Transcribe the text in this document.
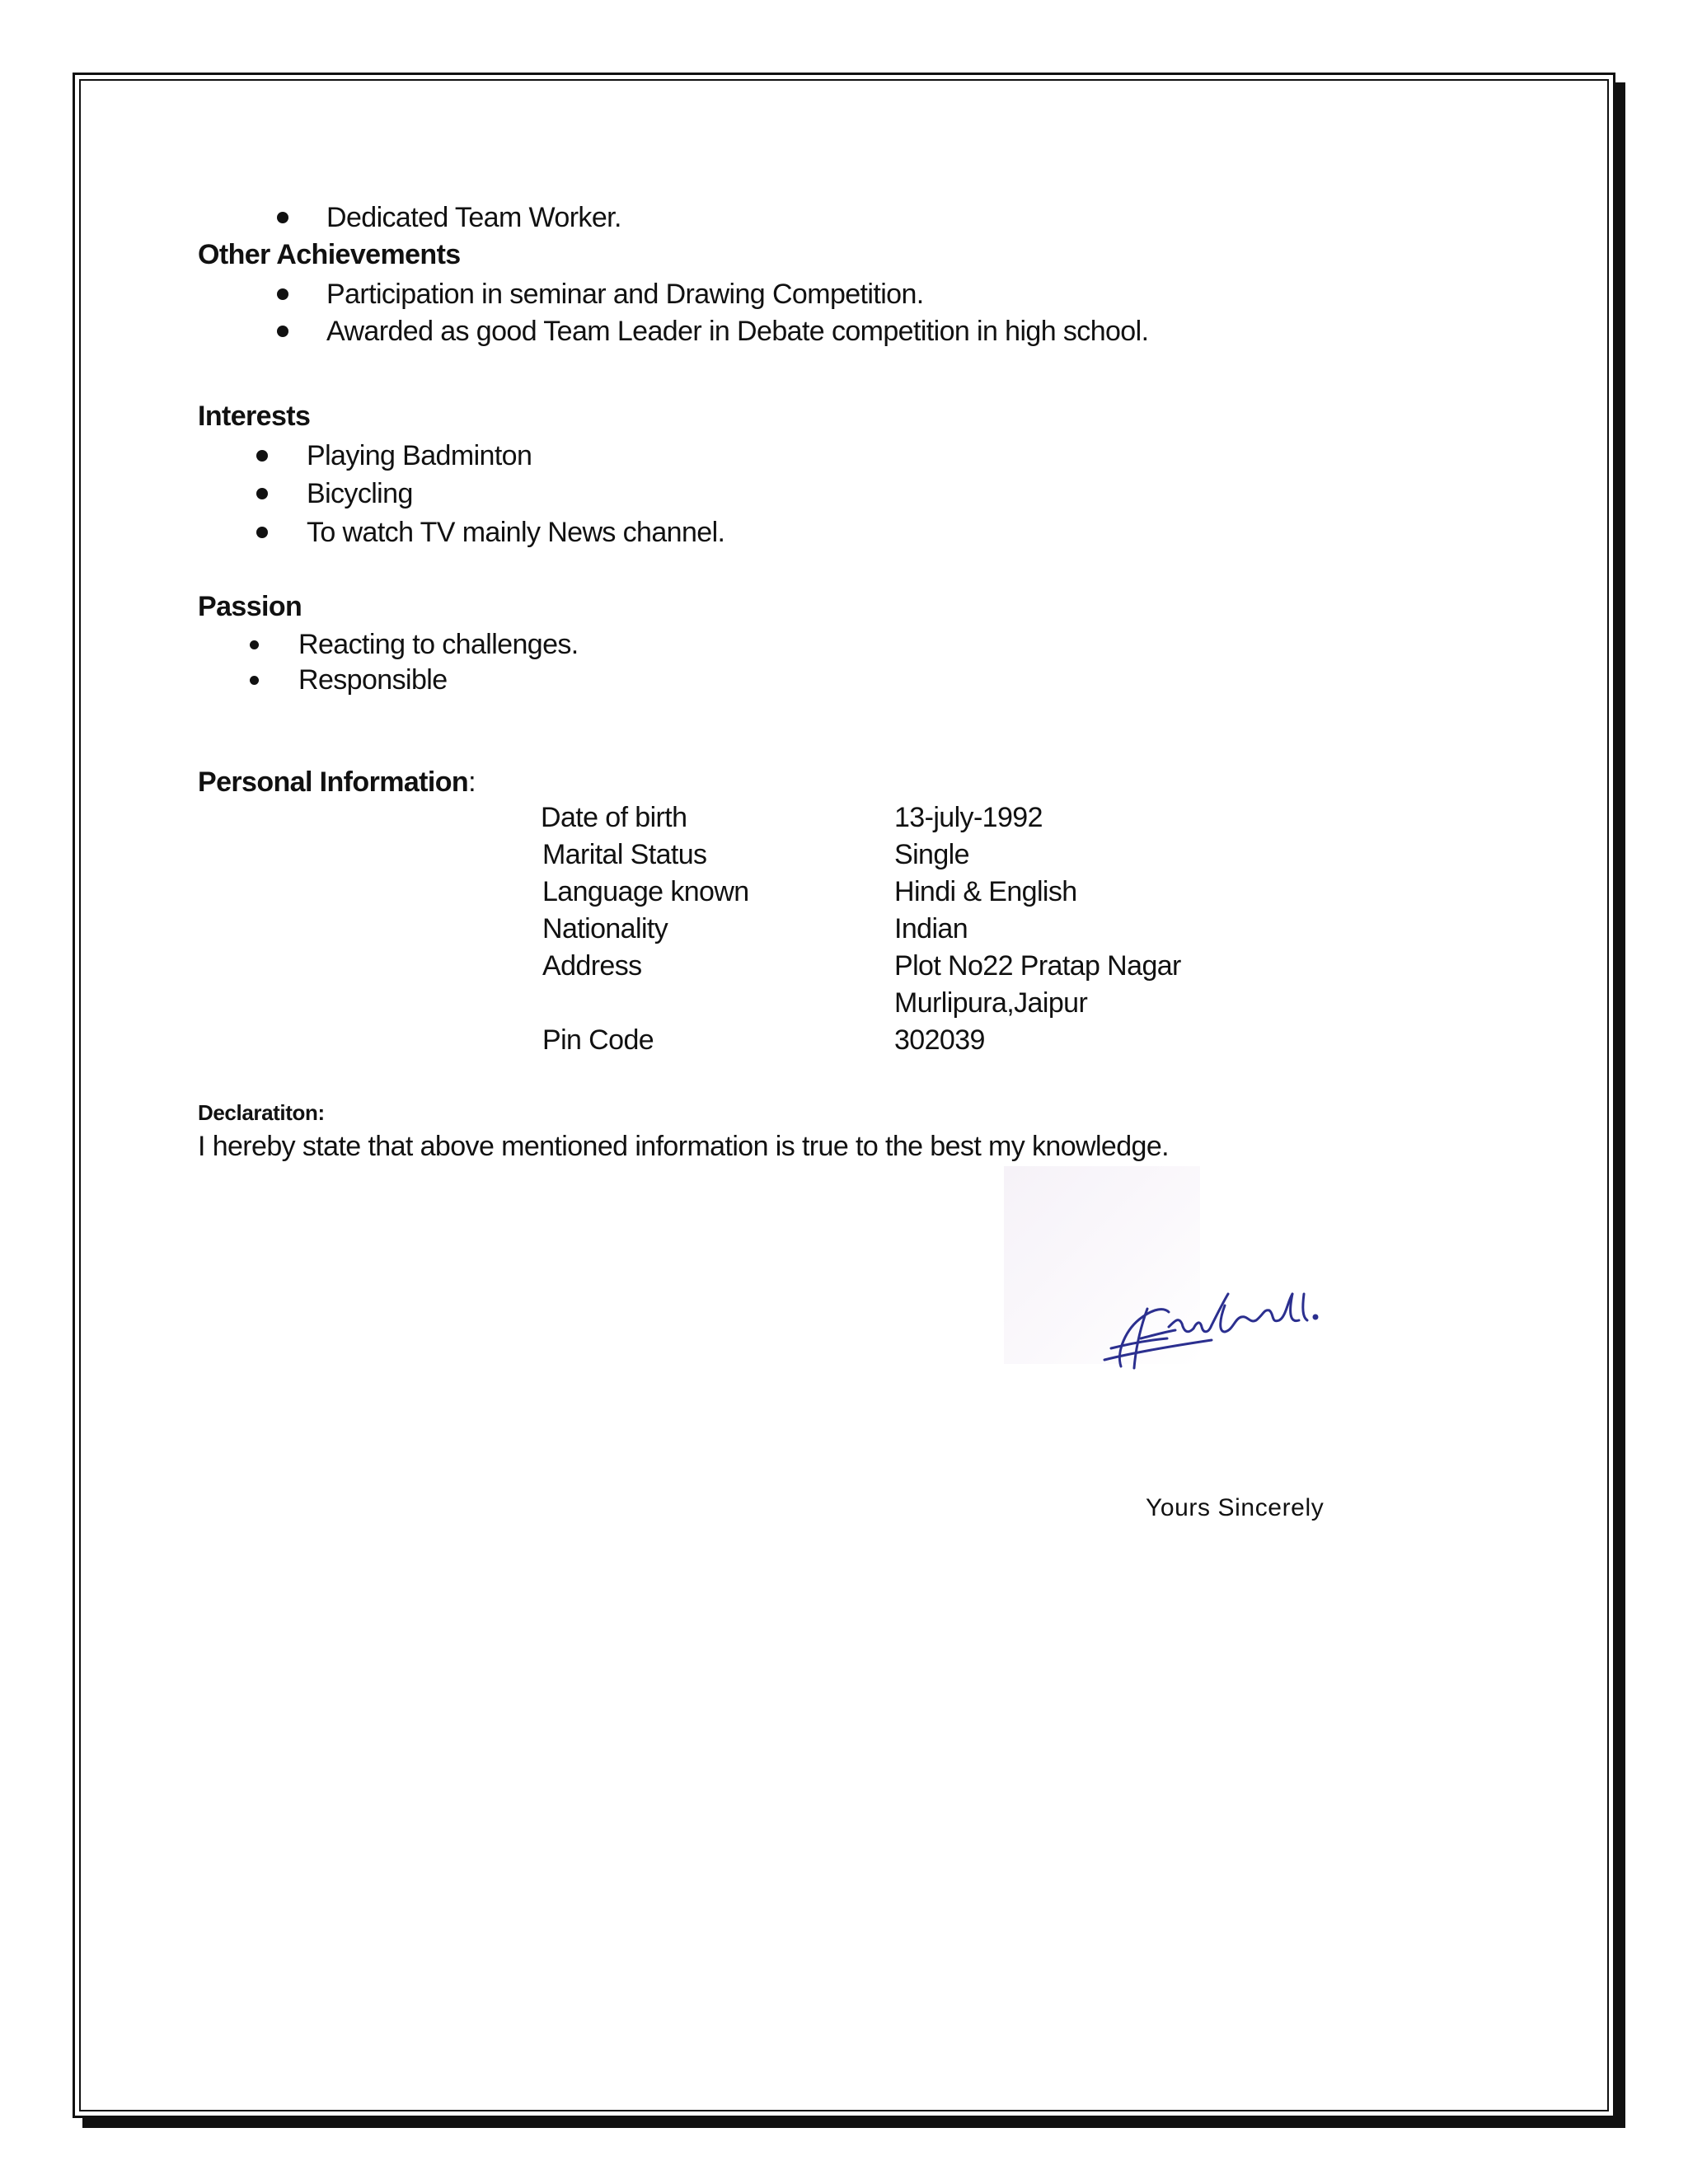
Dedicated Team Worker.
Other Achievements
Participation in seminar and Drawing Competition.
Awarded as good Team Leader in Debate competition in high school.
Interests
Playing Badminton
Bicycling
To watch TV mainly News channel.
Passion
Reacting to challenges.
Responsible
Personal Information:
Date of birth	13-july-1992
Marital Status	Single
Language known	Hindi & English
Nationality	Indian
Address	Plot No22 Pratap Nagar
Murlipura,Jaipur
Pin Code	302039
Declaratiton:
I hereby state that above mentioned information is true to the best my knowledge.
Yours Sincerely
